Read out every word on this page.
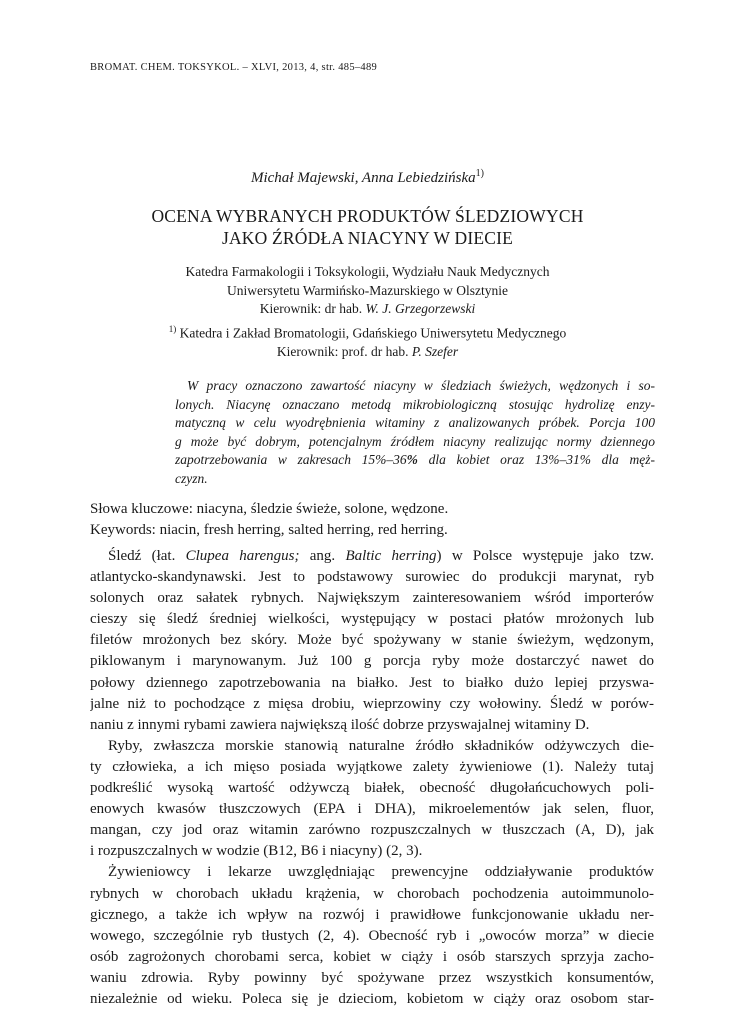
BROMAT. CHEM. TOKSYKOL. – XLVI, 2013, 4, str. 485–489
Michał Majewski, Anna Lebiedzińska$^{1)}$
OCENA WYBRANYCH PRODUKTÓW ŚLEDZIOWYCH
JAKO ŹRÓDŁA NIACYNY W DIECIE
Katedra Farmakologii i Toksykologii, Wydziału Nauk Medycznych
Uniwersytetu Warmińsko-Mazurskiego w Olsztynie
Kierownik: dr hab. W. J. Grzegorzewski
$^{1)}$ Katedra i Zakład Bromatologii, Gdańskiego Uniwersytetu Medycznego
Kierownik: prof. dr hab. P. Szefer
W pracy oznaczono zawartość niacyny w śledziach świeżych, wędzonych i so-
lonych. Niacynę oznaczano metodą mikrobiologiczną stosując hydrolizę enzy-
matyczną w celu wyodrębnienia witaminy z analizowanych próbek. Porcja 100
g może być dobrym, potencjalnym źródłem niacyny realizując normy dziennego
zapotrzebowania w zakresach 15%–36% dla kobiet oraz 13%–31% dla męż-
czyzn.
Słowa kluczowe: niacyna, śledzie świeże, solone, wędzone.
Keywords: niacin, fresh herring, salted herring, red herring.
Śledź (łat. Clupea harengus; ang. Baltic herring) w Polsce występuje jako tzw.
atlantycko-skandynawski. Jest to podstawowy surowiec do produkcji marynat, ryb
solonych oraz sałatek rybnych. Największym zainteresowaniem wśród importerów
cieszy się śledź średniej wielkości, występujący w postaci płatów mrożonych lub
filetów mrożonych bez skóry. Może być spożywany w stanie świeżym, wędzonym,
piklowanym i marynowanym. Już 100 g porcja ryby może dostarczyć nawet do
połowy dziennego zapotrzebowania na białko. Jest to białko dużo lepiej przyswa-
jalne niż to pochodzące z mięsa drobiu, wieprzowiny czy wołowiny. Śledź w porów-
naniu z innymi rybami zawiera największą ilość dobrze przyswajalnej witaminy D.
Ryby, zwłaszcza morskie stanowią naturalne źródło składników odżywczych die-
ty człowieka, a ich mięso posiada wyjątkowe zalety żywieniowe (1). Należy tutaj
podkreślić wysoką wartość odżywczą białek, obecność długołańcuchowych poli-
enowych kwasów tłuszczowych (EPA i DHA), mikroelementów jak selen, fluor,
mangan, czy jod oraz witamin zarówno rozpuszczalnych w tłuszczach (A, D), jak
i rozpuszczalnych w wodzie (B12, B6 i niacyny) (2, 3).
Żywieniowcy i lekarze uwzględniając prewencyjne oddziaływanie produktów
rybnych w chorobach układu krążenia, w chorobach pochodzenia autoimmunolo-
gicznego, a także ich wpływ na rozwój i prawidłowe funkcjonowanie układu ner-
wowego, szczególnie ryb tłustych (2, 4). Obecność ryb i „owoców morza” w diecie
osób zagrożonych chorobami serca, kobiet w ciąży i osób starszych sprzyja zacho-
waniu zdrowia. Ryby powinny być spożywane przez wszystkich konsumentów,
niezależnie od wieku. Poleca się je dzieciom, kobietom w ciąży oraz osobom star-
